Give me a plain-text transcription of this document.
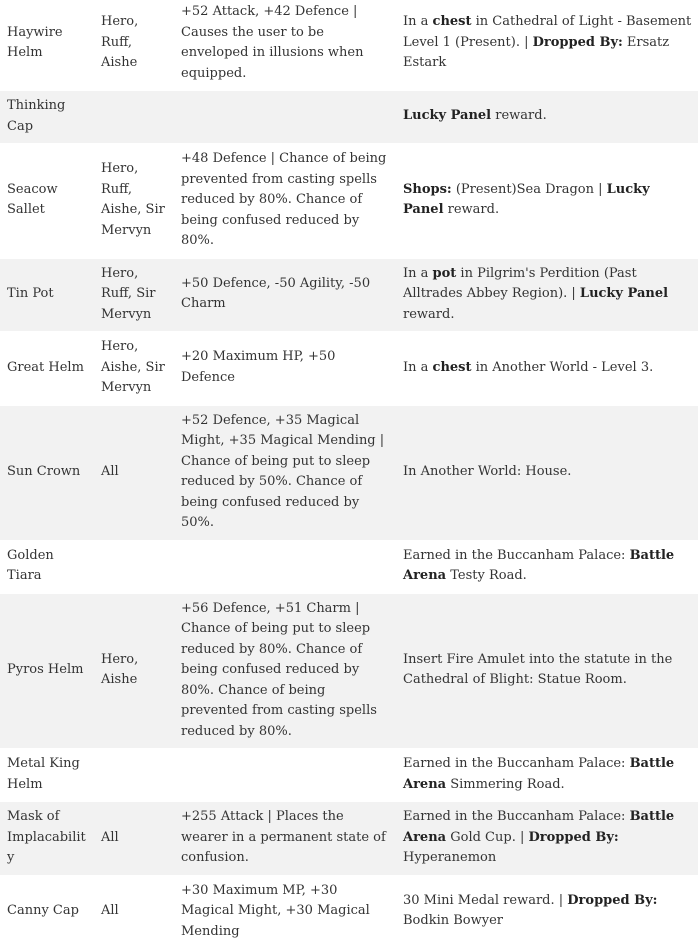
Haywire Helm	Hero, Ruff, Aishe	+52 Attack, +42 Defence | Causes the user to be enveloped in illusions when equipped.	In a chest in Cathedral of Light - Basement Level 1 (Present). | Dropped By: Ersatz Estark
Thinking Cap			Lucky Panel reward.
Seacow Sallet	Hero, Ruff, Aishe, Sir Mervyn	+48 Defence | Chance of being prevented from casting spells reduced by 80%. Chance of being confused reduced by 80%.	Shops: (Present)Sea Dragon | Lucky Panel reward.
Tin Pot	Hero, Ruff, Sir Mervyn	+50 Defence, -50 Agility, -50 Charm	In a pot in Pilgrim's Perdition (Past Alltrades Abbey Region). | Lucky Panel reward.
Great Helm	Hero, Aishe, Sir Mervyn	+20 Maximum HP, +50 Defence	In a chest in Another World - Level 3.
Sun Crown	All	+52 Defence, +35 Magical Might, +35 Magical Mending | Chance of being put to sleep reduced by 50%. Chance of being confused reduced by 50%.	In Another World: House.
Golden Tiara			Earned in the Buccanham Palace: Battle Arena Testy Road.
Pyros Helm	Hero, Aishe	+56 Defence, +51 Charm | Chance of being put to sleep reduced by 80%. Chance of being confused reduced by 80%. Chance of being prevented from casting spells reduced by 80%.	Insert Fire Amulet into the statute in the Cathedral of Blight: Statue Room.
Metal King Helm			Earned in the Buccanham Palace: Battle Arena Simmering Road.
Mask of Implacability	All	+255 Attack | Places the wearer in a permanent state of confusion.	Earned in the Buccanham Palace: Battle Arena Gold Cup. | Dropped By: Hyperanemon
Canny Cap	All	+30 Maximum MP, +30 Magical Might, +30 Magical Mending	30 Mini Medal reward. | Dropped By: Bodkin Bowyer
